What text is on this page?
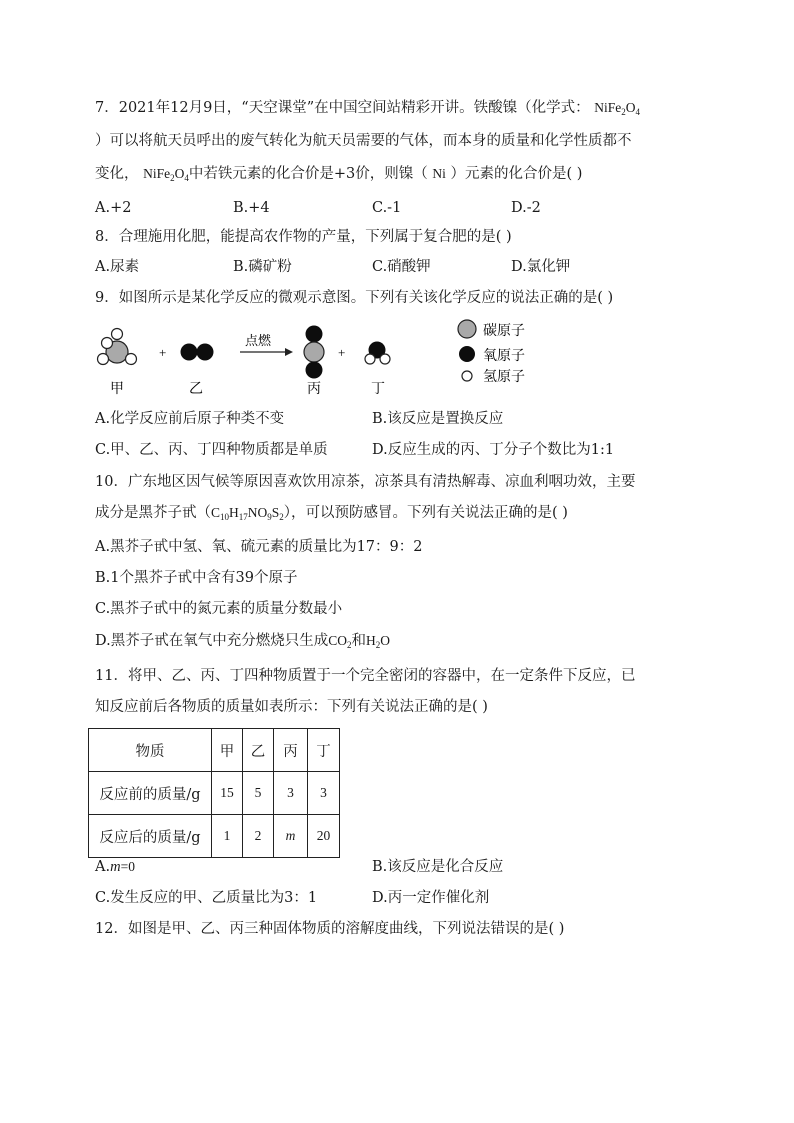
7．2021年12月9日，“天空课堂”在中国空间站精彩开讲。铁酸镍（化学式： $NiFe_2O_4$
）可以将航天员呼出的废气转化为航天员需要的气体，而本身的质量和化学性质都不
变化， $NiFe_2O_4$中若铁元素的化合价是+3价，则镍（ Ni ）元素的化合价是( )
A.+2	B.+4	C.-1	D.-2
8．合理施用化肥，能提高农作物的产量，下列属于复合肥的是( )
A.尿素	B.磷矿粉	C.硝酸钾	D.氯化钾
9．如图所示是某化学反应的微观示意图。下列有关该化学反应的说法正确的是( )
+
点燃
+
甲	乙	丙	丁
碳原子
氧原子
氢原子
A.化学反应前后原子种类不变	B.该反应是置换反应
C.甲、乙、丙、丁四种物质都是单质	D.反应生成的丙、丁分子个数比为1:1
10．广东地区因气候等原因喜欢饮用凉茶，凉茶具有清热解毒、凉血利咽功效，主要
成分是黑芥子甙$(C_{10}H_{17}NO_9S_2)$，可以预防感冒。下列有关说法正确的是( )
A.黑芥子甙中氢、氧、硫元素的质量比为17：9：2
B.1个黑芥子甙中含有39个原子
C.黑芥子甙中的氮元素的质量分数最小
D.黑芥子甙在氧气中充分燃烧只生成$CO_2$和$H_2O$
11．将甲、乙、丙、丁四种物质置于一个完全密闭的容器中，在一定条件下反应，已
知反应前后各物质的质量如表所示：下列有关说法正确的是( )
物质	甲	乙	丙	丁
反应前的质量/g	15	5	3	3
反应后的质量/g	1	2	m	20
A.m=0	B.该反应是化合反应
C.发生反应的甲、乙质量比为3：1	D.丙一定作催化剂
12．如图是甲、乙、丙三种固体物质的溶解度曲线，下列说法错误的是( )
